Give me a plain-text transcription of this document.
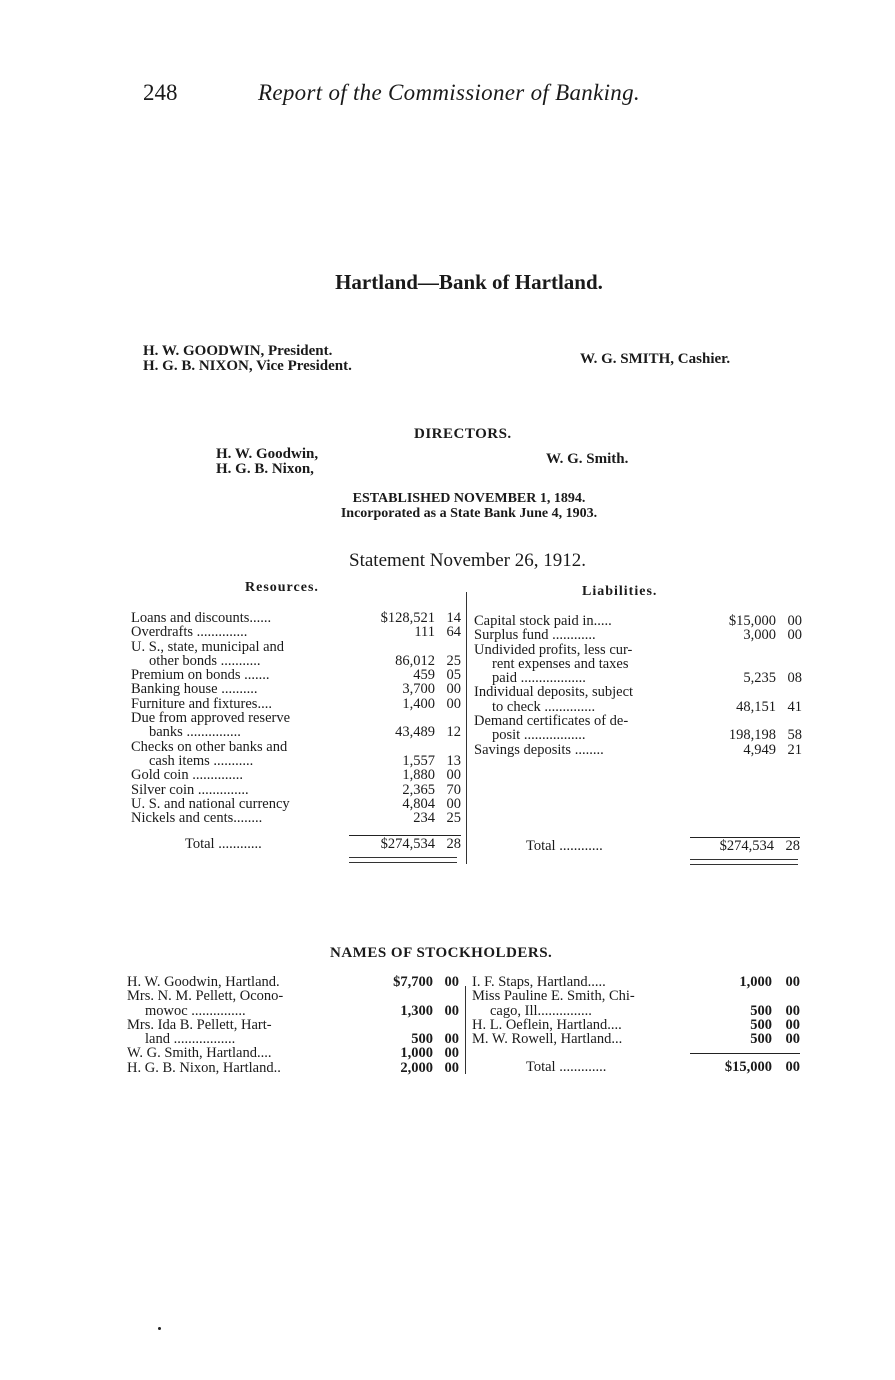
248	Report of the Commissioner of Banking.
Hartland—Bank of Hartland.
H. W. GOODWIN, President.
H. G. B. NIXON, Vice President.	W. G. SMITH, Cashier.
DIRECTORS.
H. W. Goodwin,
H. G. B. Nixon,
W. G. Smith.
ESTABLISHED NOVEMBER 1, 1894.
Incorporated as a State Bank June 4, 1903.
Statement November 26, 1912.
Resources.	Liabilities.
Loans and discounts......	$128,521	14
Overdrafts ..............	111	64
U. S., state, municipal and		
other bonds ...........	86,012	25
Premium on bonds .......	459	05
Banking house ..........	3,700	00
Furniture and fixtures....	1,400	00
Due from approved reserve		
banks ...............	43,489	12
Checks on other banks and		
cash items ...........	1,557	13
Gold coin ..............	1,880	00
Silver coin ..............	2,365	70
U. S. and national currency	4,804	00
Nickels and cents........	234	25
Capital stock paid in.....	$15,000	00
Surplus fund ............	3,000	00
Undivided profits, less cur-		
rent expenses and taxes		
paid ..................	5,235	08
Individual deposits, subject		
to check ..............	48,151	41
Demand certificates of de-		
posit .................	198,198	58
Savings deposits ........	4,949	21
Total ............	$274,534 28	Total ............	$274,534 28
NAMES OF STOCKHOLDERS.
H. W. Goodwin, Hartland.	$7,700	00
Mrs. N. M. Pellett, Ocono-		
mowoc ...............	1,300	00
Mrs. Ida B. Pellett, Hart-		
land .................	500	00
W. G. Smith, Hartland....	1,000	00
H. G. B. Nixon, Hartland..	2,000	00
I. F. Staps, Hartland.....	1,000	00
Miss Pauline E. Smith, Chi-		
cago, Ill...............	500	00
H. L. Oeflein, Hartland....	500	00
M. W. Rowell, Hartland...	500	00
Total .............	$15,000 00
